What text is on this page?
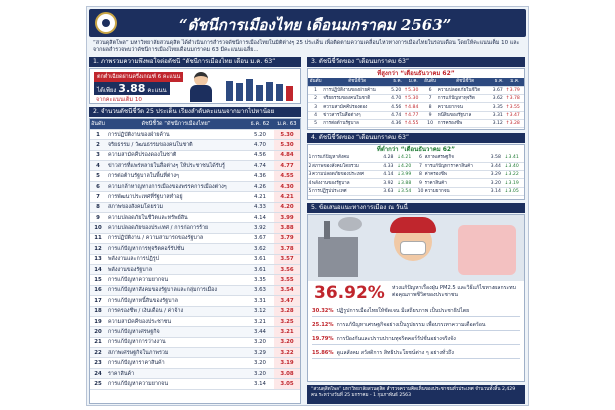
“ดัชนีการเมืองไทย เดือนมกราคม 2563”
“สวนดุสิตโพล” มหาวิทยาลัยสวนดุสิต ได้ดำเนินการสำรวจดัชนีการเมืองไทยในมิติต่างๆ 25 ประเด็น เพื่อติดตามความเคลื่อนไหวทางการเมืองไทยในรอบเดือน โดยให้คะแนนเต็ม 10 และจากผลสำรวจพบว่าดัชนีการเมืองไทยเดือนมกราคม 63 มีคะแนนเฉลี่ย...
1. ภาพรวมความพึงพอใจต่อดัชนี “ดัชนีการเมืองไทย เดือน ม.ค. 63”
ตกต่ำเฉียดผ่านครึ่งเกณฑ์ 6 คะแนน
ได้เพียง 3.88 คะแนน
จากคะแนนเต็ม 10
2. จำนวนดัชนีชี้วัด 25 ประเด็น เรียงลำดับคะแนนจากมากไปหาน้อย
อันดับ	ดัชนีชี้วัด “ดัชนีการเมืองไทย”	ธ.ค. 62	ม.ค. 63
1	การปฏิบัติงานของฝ่ายค้าน	5.20	5.30
2	จริยธรรม / วัฒนธรรมของคนในชาติ	4.70	5.30
3	ความสามัคคีปรองดองในชาติ	4.56	4.84
4	ข่าวสารที่แพร่หลายในสื่อต่างๆ ให้ประชาชนได้รับรู้	4.74	4.77
5	การต่อต้านรัฐบาลในพื้นที่ต่างๆ	4.36	4.55
6	ความกล้าหาญทางการเมืองของพรรคการเมืองต่างๆ	4.26	4.30
7	การพัฒนาประเทศที่รัฐบาลทำอยู่	4.21	4.21
8	สภาพของสังคมโดยรวม	4.33	4.20
9	ความปลอดภัยในชีวิตและทรัพย์สิน	4.14	3.99
10	ความปลอดภัยของประเทศ / การก่อการร้าย	3.92	3.88
11	การปฏิบัติงาน / ความสามารถของรัฐบาล	3.67	3.79
12	การแก้ปัญหาการทุจริตคอร์รัปชั่น	3.62	3.78
13	พลังงานและการปฏิรูป	3.61	3.57
14	พลังงานของรัฐบาล	3.61	3.56
15	การแก้ปัญหาความยากจน	3.35	3.55
16	การแก้ปัญหาสังคมของรัฐบาลและกลุ่มการเมือง	3.63	3.54
17	การแก้ปัญหาหนี้สินของรัฐบาล	3.31	3.47
18	การครองชีพ / เงินเดือน / ค่าจ้าง	3.12	3.28
19	ความสามัคคีของประชาชน	3.21	3.25
20	การแก้ปัญหาเศรษฐกิจ	3.44	3.21
21	การแก้ปัญหาการว่างงาน	3.20	3.20
22	สภาพเศรษฐกิจในภาพรวม	3.29	3.22
23	การแก้ปัญหาราคาสินค้า	3.20	3.19
24	ราคาสินค้า	3.20	3.08
25	การแก้ปัญหาความยากจน	3.14	3.05
3. ดัชนีชี้วัดของ “เดือนมกราคม 63”
ที่สูงกว่า “เดือนธันวาคม 62”
อันดับ	ดัชนีชี้วัด	ธ.ค.	ม.ค.	อันดับ	ดัชนีชี้วัด	ธ.ค.	ม.ค.
1	การปฏิบัติงานของฝ่ายค้าน	5.20	↑5.30	6	ความปลอดภัยในชีวิต	3.67	↑3.79
2	จริยธรรมของคนในชาติ	4.70	↑5.30	7	การแก้ปัญหาทุจริต	3.62	↑3.78
3	ความสามัคคีปรองดอง	4.56	↑4.84	8	ความยากจน	3.35	↑3.55
4	ข่าวสารในสื่อต่างๆ	4.74	↑4.77	9	หนี้สินของรัฐบาล	3.31	↑3.47
5	การต่อต้านรัฐบาล	4.36	↑4.55	10	การครองชีพ	3.12	↑3.28
4. ดัชนีชี้วัดของ “เดือนมกราคม 63”
ที่ต่ำกว่า “เดือนธันวาคม 62”
1	การแก้ปัญหาสังคม	4.28	↓4.21	6	สภาพเศรษฐกิจ	3.58	↓3.41
2	สภาพของสังคมโดยรวม	4.33	↓4.20	7	การแก้ปัญหาราคาสินค้า	3.44	↓3.40
3	ความปลอดภัยของประเทศ	4.14	↓3.99	8	ค่าครองชีพ	3.29	↓3.22
4	พลังงานของรัฐบาล	3.92	↓3.88	9	ราคาสินค้า	3.20	↓3.19
5	การปฏิรูปประเทศ	3.63	↓3.54	10	ความยากจน	3.14	↓3.05
5. ข้อเสนอแนะทางการเมือง ณ วันนี้
36.92% ห่วงแก้ปัญหาเรื่องฝุ่น PM2.5 และวิธีแก้ไขทางผลกระทบต่อคุณภาพชีวิตของประชาชน
30.32% ปฏิรูปการเมืองไทยให้ชัดเจน มีเสถียรภาพ เป็นประชาธิปไตย
25.12% การแก้ปัญหาเศรษฐกิจอย่างเป็นรูปธรรม เพื่อบรรเทาความเดือดร้อน
19.79% การป้องกันและปราบปรามทุจริตคอร์รัปชั่นอย่างจริงจัง
15.86% ดูแลสังคม สวัสดิการ สิทธิประโยชน์ต่าง ๆ อย่างทั่วถึง
“สวนดุสิตโพล” มหาวิทยาลัยสวนดุสิต สำรวจความคิดเห็นของประชาชนทั่วประเทศ จำนวนทั้งสิ้น 2,429 คน ระหว่างวันที่ 25 มกราคม - 1 กุมภาพันธ์ 2563
